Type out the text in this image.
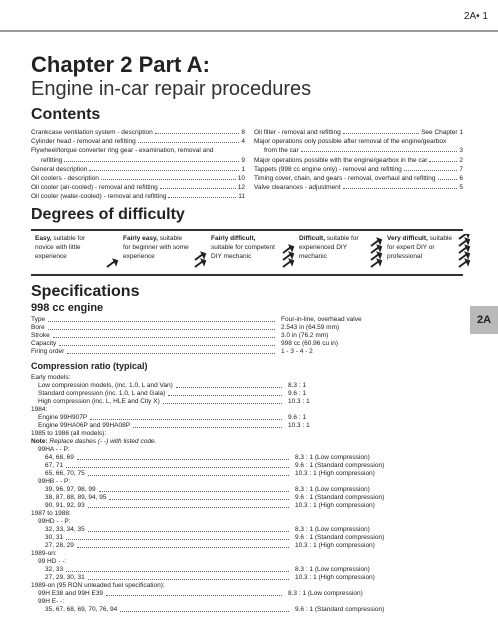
2A• 1
2A
Chapter 2 Part A:
Engine in-car repair procedures
Contents
Crankcase ventilation system - description	8
Cylinder head - removal and refitting	4
Flywheel/torque converter ring gear - examination, removal and
refitting	9
General description	1
Oil coolers - description	10
Oil cooler (air-cooled) - removal and refitting	12
Oil cooler (water-cooled) - removal and refitting	11
Oil filter - removal and refitting	See Chapter 1
Major operations only possible after removal of the engine/gearbox
from the car	3
Major operations possible with the engine/gearbox in the car	2
Tappets (998 cc engine only) - removal and refitting	7
Timing cover, chain, and gears - removal, overhaul and refitting	6
Valve clearances - adjustment	5
Degrees of difficulty
Easy, suitable for novice with little experience
Fairly easy, suitable for beginner with some experience
Fairly difficult, suitable for competent DIY mechanic
Difficult, suitable for experienced DIY mechanic
Very difficult, suitable for expert DIY or professional
Specifications
998 cc engine
Type	Four-in-line, overhead valve
Bore	2.543 in (64.59 mm)
Stroke	3.0 in (76.2 mm)
Capacity	998 cc (60.96 cu in)
Firing order	1 - 3 - 4 - 2
Compression ratio (typical)
Early models:
Low compression models, (inc. 1.0, L and Van)	8.3 : 1
Standard compression (inc. 1.0, L and Gala)	9.6 : 1
High compression (inc. L, HLE and City X)	10.3 : 1
1984:
Engine 99H907P	9.6 : 1
Engine 99HA06P and 99HA08P	10.3 : 1
1985 to 1986 (all models):
Note: Replace dashes (- -) with listed code.
99HA - - P:
64, 68, 69	8.3 : 1 (Low compression)
67, 71	9.6 : 1 (Standard compression)
65, 66, 70, 75	10.3 : 1 (High compression)
99HB - - P:
39, 96, 97, 98, 99	8.3 : 1 (Low compression)
38, 87, 88, 89, 94, 95	9.6 : 1 (Standard compression)
90, 91, 92, 93	10.3 : 1 (High compression)
1987 to 1988:
99HD - - P:
32, 33, 34, 35	8.3 : 1 (Low compression)
30, 31	9.6 : 1 (Standard compression)
27, 28, 29	10.3 : 1 (High compression)
1989-on:
99 HD - -:
32, 33	8.3 : 1 (Low compression)
27, 29, 30, 31	10.3 : 1 (High compression)
1989-on (95 RON unleaded fuel specification):
99H E38 and 99H E39	8.3 : 1 (Low compression)
99H E- -:
35, 67, 68, 69, 70, 76, 94	9.6 : 1 (Standard compression)
